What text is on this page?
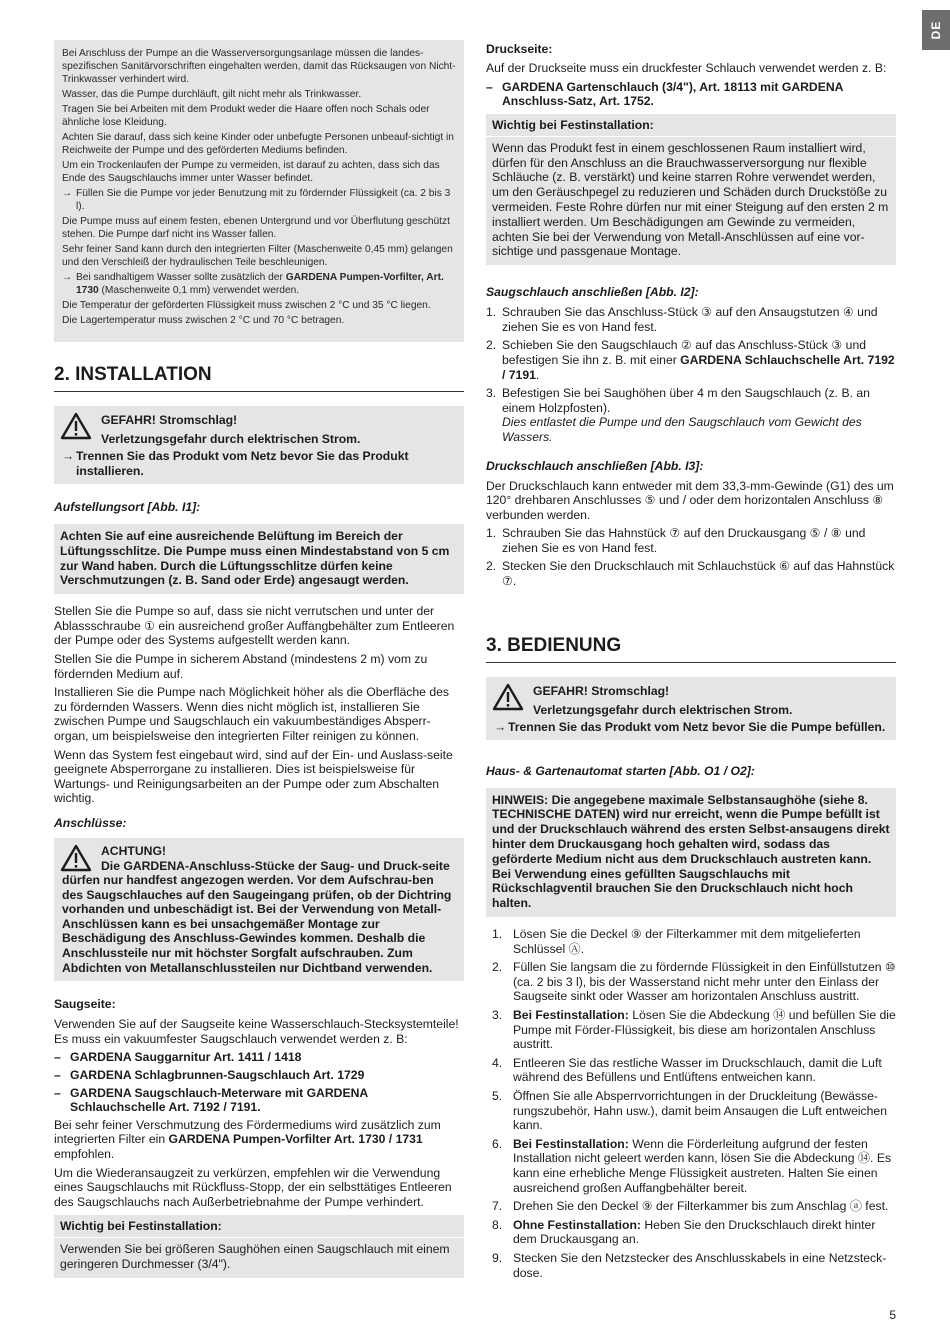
DE

Bei Anschluss der Pumpe an die Wasserversorgungsanlage müssen die landes-spezifischen Sanitärvorschriften eingehalten werden, damit das Rücksaugen von Nicht-Trinkwasser verhindert wird.

Wasser, das die Pumpe durchläuft, gilt nicht mehr als Trinkwasser.

Tragen Sie bei Arbeiten mit dem Produkt weder die Haare offen noch Schals oder ähnliche lose Kleidung.

Achten Sie darauf, dass sich keine Kinder oder unbefugte Personen unbeauf-sichtigt in Reichweite der Pumpe und des geförderten Mediums befinden.

Um ein Trockenlaufen der Pumpe zu vermeiden, ist darauf zu achten, dass sich das Ende des Saugschlauchs immer unter Wasser befindet.

→ Füllen Sie die Pumpe vor jeder Benutzung mit zu fördernder Flüssigkeit (ca. 2 bis 3 l).

Die Pumpe muss auf einem festen, ebenen Untergrund und vor Überflutung geschützt stehen. Die Pumpe darf nicht ins Wasser fallen.

Sehr feiner Sand kann durch den integrierten Filter (Maschenweite 0,45 mm) gelangen und den Verschleiß der hydraulischen Teile beschleunigen.

→ Bei sandhaltigem Wasser sollte zusätzlich der GARDENA Pumpen-Vorfilter, Art. 1730 (Maschenweite 0,1 mm) verwendet werden.

Die Temperatur der geförderten Flüssigkeit muss zwischen 2 °C und 35 °C liegen.

Die Lagertemperatur muss zwischen 2 °C und 70 °C betragen.

2. INSTALLATION
GEFAHR! Stromschlag!
Verletzungsgefahr durch elektrischen Strom.
→ Trennen Sie das Produkt vom Netz bevor Sie das Produkt installieren.
Aufstellungsort [Abb. I1]:
Achten Sie auf eine ausreichende Belüftung im Bereich der Lüftungsschlitze. Die Pumpe muss einen Mindestabstand von 5 cm zur Wand haben. Durch die Lüftungsschlitze dürfen keine Verschmutzungen (z. B. Sand oder Erde) angesaugt werden.

Stellen Sie die Pumpe so auf, dass sie nicht verrutschen und unter der Ablassschraube ① ein ausreichend großer Auffangbehälter zum Entleeren der Pumpe oder des Systems aufgestellt werden kann.

Stellen Sie die Pumpe in sicherem Abstand (mindestens 2 m) vom zu fördernden Medium auf.

Installieren Sie die Pumpe nach Möglichkeit höher als die Oberfläche des zu fördernden Wassers. Wenn dies nicht möglich ist, installieren Sie zwischen Pumpe und Saugschlauch ein vakuumbeständiges Absperr-organ, um beispielsweise den integrierten Filter reinigen zu können.

Wenn das System fest eingebaut wird, sind auf der Ein- und Auslass-seite geeignete Absperrorgane zu installieren. Dies ist beispielsweise für Wartungs- und Reinigungsarbeiten an der Pumpe oder zum Abschalten wichtig.

Anschlüsse:
ACHTUNG!
Die GARDENA-Anschluss-Stücke der Saug- und Druck-seite dürfen nur handfest angezogen werden. Vor dem Aufschrau-ben des Saugschlauches auf den Saugeingang prüfen, ob der Dichtring vorhanden und unbeschädigt ist. Bei der Verwendung von Metall-Anschlüssen kann es bei unsachgemäßer Montage zur Beschädigung des Anschluss-Gewindes kommen. Deshalb die Anschlussteile nur mit höchster Sorgfalt aufschrauben. Zum Abdichten von Metallanschlussteilen nur Dichtband verwenden.
Saugseite:

Verwenden Sie auf der Saugseite keine Wasserschlauch-Stecksystemteile! Es muss ein vakuumfester Saugschlauch verwendet werden z. B:

– GARDENA Sauggarnitur Art. 1411 / 1418
– GARDENA Schlagbrunnen-Saugschlauch Art. 1729
– GARDENA Saugschlauch-Meterware mit GARDENA Schlauchschelle Art. 7192 / 7191.

Bei sehr feiner Verschmutzung des Fördermediums wird zusätzlich zum integrierten Filter ein GARDENA Pumpen-Vorfilter Art. 1730 / 1731 empfohlen.

Um die Wiederansaugzeit zu verkürzen, empfehlen wir die Verwendung eines Saugschlauchs mit Rückfluss-Stopp, der ein selbsttätiges Entleeren des Saugschlauchs nach Außerbetriebnahme der Pumpe verhindert.

Wichtig bei Festinstallation:
Verwenden Sie bei größeren Saughöhen einen Saugschlauch mit einem geringeren Durchmesser (3/4").
Druckseite:

Auf der Druckseite muss ein druckfester Schlauch verwendet werden z. B:

– GARDENA Gartenschlauch (3/4"), Art. 18113 mit GARDENA Anschluss-Satz, Art. 1752.
Wichtig bei Festinstallation:
Wenn das Produkt fest in einem geschlossenen Raum installiert wird, dürfen für den Anschluss an die Brauchwasserversorgung nur flexible Schläuche (z. B. verstärkt) und keine starren Rohre verwendet werden, um den Geräuschpegel zu reduzieren und Schäden durch Druckstöße zu vermeiden. Feste Rohre dürfen nur mit einer Steigung auf den ersten 2 m installiert werden. Um Beschädigungen am Gewinde zu vermeiden, achten Sie bei der Verwendung von Metall-Anschlüssen auf eine vor-sichtige und passgenaue Montage.
Saugschlauch anschließen [Abb. I2]:
1. Schrauben Sie das Anschluss-Stück ③ auf den Ansaugstutzen ④ und ziehen Sie es von Hand fest.
2. Schieben Sie den Saugschlauch ② auf das Anschluss-Stück ③ und befestigen Sie ihn z. B. mit einer GARDENA Schlauchschelle Art. 7192 / 7191.
3. Befestigen Sie bei Saughöhen über 4 m den Saugschlauch (z. B. an einem Holzpfosten).
Dies entlastet die Pumpe und den Saugschlauch vom Gewicht des Wassers.
Druckschlauch anschließen [Abb. I3]:

Der Druckschlauch kann entweder mit dem 33,3-mm-Gewinde (G1) des um 120° drehbaren Anschlusses ⑤ und / oder dem horizontalen Anschluss ⑧ verbunden werden.

1. Schrauben Sie das Hahnstück ⑦ auf den Druckausgang ⑤ / ⑧ und ziehen Sie es von Hand fest.
2. Stecken Sie den Druckschlauch mit Schlauchstück ⑥ auf das Hahnstück ⑦.
3. BEDIENUNG
GEFAHR! Stromschlag!
Verletzungsgefahr durch elektrischen Strom.
→ Trennen Sie das Produkt vom Netz bevor Sie die Pumpe befüllen.
Haus- & Gartenautomat starten [Abb. O1 / O2]:
HINWEIS: Die angegebene maximale Selbstansaughöhe (siehe 8. TECHNISCHE DATEN) wird nur erreicht, wenn die Pumpe befüllt ist und der Druckschlauch während des ersten Selbst-ansaugens direkt hinter dem Druckausgang hoch gehalten wird, sodass das geförderte Medium nicht aus dem Druckschlauch austreten kann. Bei Verwendung eines gefüllten Saugschlauchs mit Rückschlagventil brauchen Sie den Druckschlauch nicht hoch halten.
1. Lösen Sie die Deckel ⑨ der Filterkammer mit dem mitgelieferten Schlüssel Ⓐ.
2. Füllen Sie langsam die zu fördernde Flüssigkeit in den Einfüllstutzen ⑩ (ca. 2 bis 3 l), bis der Wasserstand nicht mehr unter den Einlass der Saugseite sinkt oder Wasser am horizontalen Anschluss austritt.
3. Bei Festinstallation: Lösen Sie die Abdeckung ⑭ und befüllen Sie die Pumpe mit Förder-Flüssigkeit, bis diese am horizontalen Anschluss austritt.
4. Entleeren Sie das restliche Wasser im Druckschlauch, damit die Luft während des Befüllens und Entlüftens entweichen kann.
5. Öffnen Sie alle Absperrvorrichtungen in der Druckleitung (Bewässe-rungszubehör, Hahn usw.), damit beim Ansaugen die Luft entweichen kann.
6. Bei Festinstallation: Wenn die Förderleitung aufgrund der festen Installation nicht geleert werden kann, lösen Sie die Abdeckung ⑭. Es kann eine erhebliche Menge Flüssigkeit austreten. Halten Sie einen ausreichend großen Auffangbehälter bereit.
7. Drehen Sie den Deckel ⑨ der Filterkammer bis zum Anschlag ⓐ fest.
8. Ohne Festinstallation: Heben Sie den Druckschlauch direkt hinter dem Druckausgang an.
9. Stecken Sie den Netzstecker des Anschlusskabels in eine Netzsteck-dose.
5
